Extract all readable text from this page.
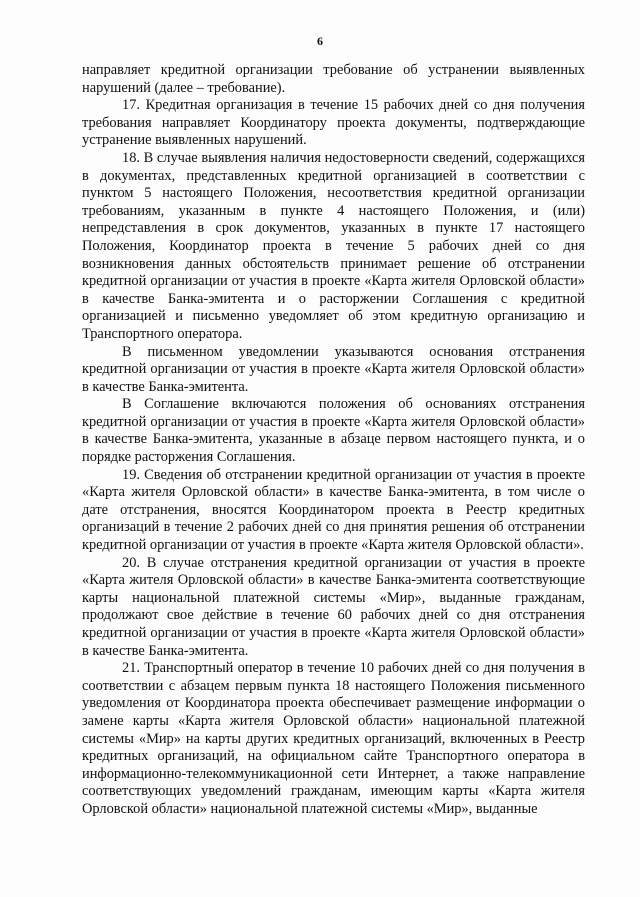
6

направляет кредитной организации требование об устранении выявленных нарушений (далее – требование).

17. Кредитная организация в течение 15 рабочих дней со дня получения требования направляет Координатору проекта документы, подтверждающие устранение выявленных нарушений.

18. В случае выявления наличия недостоверности сведений, содержащихся в документах, представленных кредитной организацией в соответствии с пунктом 5 настоящего Положения, несоответствия кредитной организации требованиям, указанным в пункте 4 настоящего Положения, и (или) непредставления в срок документов, указанных в пункте 17 настоящего Положения, Координатор проекта в течение 5 рабочих дней со дня возникновения данных обстоятельств принимает решение об отстранении кредитной организации от участия в проекте «Карта жителя Орловской области» в качестве Банка-эмитента и о расторжении Соглашения с кредитной организацией и письменно уведомляет об этом кредитную организацию и Транспортного оператора.

В письменном уведомлении указываются основания отстранения кредитной организации от участия в проекте «Карта жителя Орловской области» в качестве Банка-эмитента.

В Соглашение включаются положения об основаниях отстранения кредитной организации от участия в проекте «Карта жителя Орловской области» в качестве Банка-эмитента, указанные в абзаце первом настоящего пункта, и о порядке расторжения Соглашения.

19. Сведения об отстранении кредитной организации от участия в проекте «Карта жителя Орловской области» в качестве Банка-эмитента, в том числе о дате отстранения, вносятся Координатором проекта в Реестр кредитных организаций в течение 2 рабочих дней со дня принятия решения об отстранении кредитной организации от участия в проекте «Карта жителя Орловской области».

20. В случае отстранения кредитной организации от участия в проекте «Карта жителя Орловской области» в качестве Банка-эмитента соответствующие карты национальной платежной системы «Мир», выданные гражданам, продолжают свое действие в течение 60 рабочих дней со дня отстранения кредитной организации от участия в проекте «Карта жителя Орловской области» в качестве Банка-эмитента.

21. Транспортный оператор в течение 10 рабочих дней со дня получения в соответствии с абзацем первым пункта 18 настоящего Положения письменного уведомления от Координатора проекта обеспечивает размещение информации о замене карты «Карта жителя Орловской области» национальной платежной системы «Мир» на карты других кредитных организаций, включенных в Реестр кредитных организаций, на официальном сайте Транспортного оператора в информационно-телекоммуникационной сети Интернет, а также направление соответствующих уведомлений гражданам, имеющим карты «Карта жителя Орловской области» национальной платежной системы «Мир», выданные
